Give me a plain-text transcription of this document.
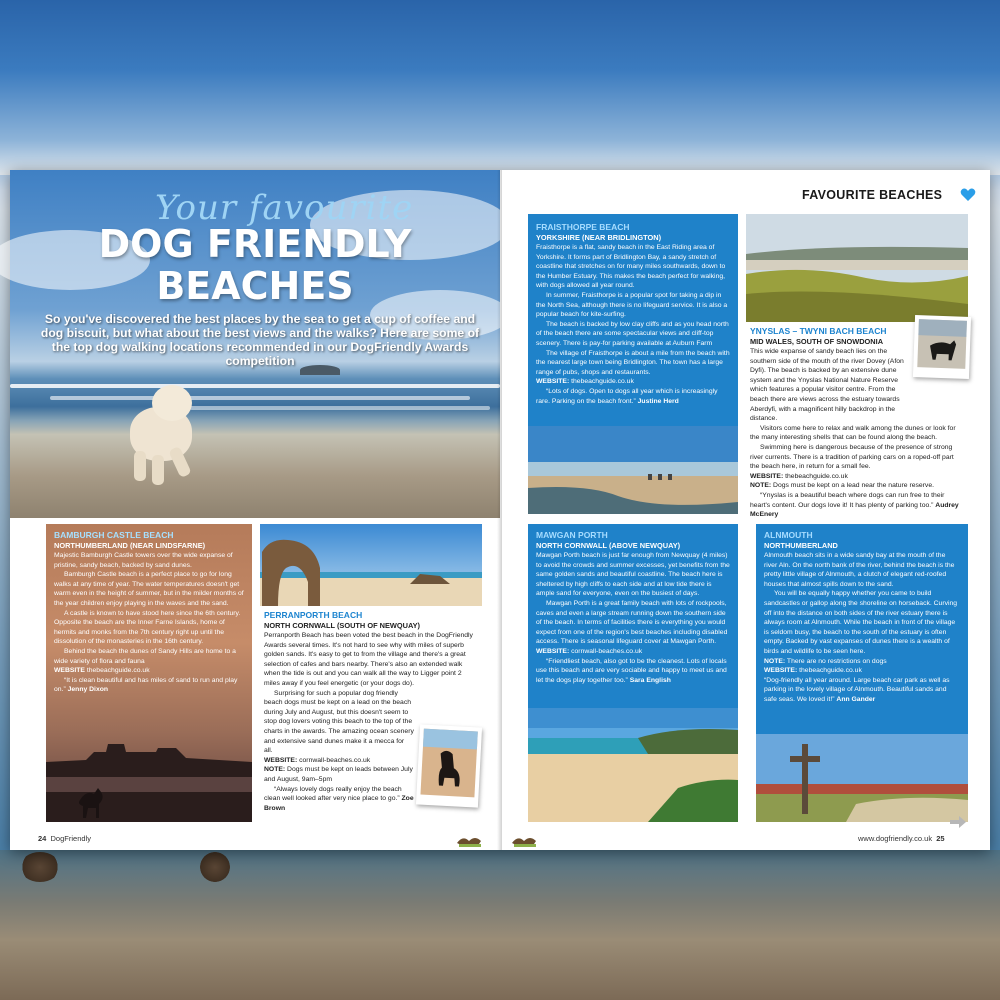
Your favourite
DOG FRIENDLY
BEACHES
So you've discovered the best places by the sea to get a cup of coffee and dog biscuit, but what about the best views and the walks? Here are some of the top dog walking locations recommended in our DogFriendly Awards competition
BAMBURGH CASTLE BEACH
NORTHUMBERLAND (NEAR LINDSFARNE)

Majestic Bamburgh Castle towers over the wide expanse of pristine, sandy beach, backed by sand dunes.

Bamburgh Castle beach is a perfect place to go for long walks at any time of year. The water temperatures doesn't get warm even in the height of summer, but in the milder months of the year children enjoy playing in the waves and the sand.

A castle is known to have stood here since the 6th century. Opposite the beach are the Inner Farne Islands, home of hermits and monks from the 7th century right up until the dissolution of the monasteries in the 16th century.

Behind the beach the dunes of Sandy Hills are home to a wide variety of flora and fauna

WEBSITE thebeachguide.co.uk

“It is clean beautiful and has miles of sand to run and play on.” Jenny Dixon

PERRANPORTH BEACH
NORTH CORNWALL (SOUTH OF NEWQUAY)

Perranporth Beach has been voted the best beach in the DogFriendly Awards several times. It's not hard to see why with miles of superb golden sands. It's easy to get to from the village and there's a great selection of cafes and bars nearby. There's also an extended walk when the tide is out and you can walk all the way to Ligger point 2 miles away if you feel energetic (or your dogs do).

Surprising for such a popular dog friendly beach dogs must be kept on a lead on the beach during July and August, but this doesn't seem to stop dog lovers voting this beach to the top of the charts in the awards. The amazing ocean scenery and extensive sand dunes make it a mecca for all.

WEBSITE: cornwall-beaches.co.uk

NOTE: Dogs must be kept on leads between July and August, 9am–5pm

“Always lovely dogs really enjoy the beach clean well looked after very nice place to go.” Zoe Brown

24 DogFriendly
FAVOURITE BEACHES
FRAISTHORPE BEACH
YORKSHIRE (NEAR BRIDLINGTON)

Fraisthorpe is a flat, sandy beach in the East Riding area of Yorkshire. It forms part of Bridlington Bay, a sandy stretch of coastline that stretches on for many miles southwards, down to the Humber Estuary. This makes the beach perfect for walking, with dogs allowed all year round.

In summer, Fraisthorpe is a popular spot for taking a dip in the North Sea, although there is no lifeguard service. It is also a popular beach for kite-surfing.

The beach is backed by low clay cliffs and as you head north of the beach there are some spectacular views and cliff-top scenery. There is pay-for parking available at Auburn Farm

The village of Fraisthorpe is about a mile from the beach with the nearest large town being Bridlington. The town has a large range of pubs, shops and restaurants.

WEBSITE: thebeachguide.co.uk

“Lots of dogs. Open to dogs all year which is increasingly rare. Parking on the beach front.” Justine Herd

YNYSLAS – TWYNI BACH BEACH
MID WALES, SOUTH OF SNOWDONIA

This wide expanse of sandy beach lies on the southern side of the mouth of the river Dovey (Afon Dyfi). The beach is backed by an extensive dune system and the Ynyslas National Nature Reserve which features a popular visitor centre. From the beach there are views across the estuary towards Aberdyfi, with a magnificent hilly backdrop in the distance.

Visitors come here to relax and walk among the dunes or look for the many interesting shells that can be found along the beach.

Swimming here is dangerous because of the presence of strong river currents. There is a tradition of parking cars on a roped-off part the beach here, in return for a small fee.

WEBSITE: thebeachguide.co.uk

NOTE: Dogs must be kept on a lead near the nature reserve.

“Ynyslas is a beautiful beach where dogs can run free to their heart's content. Our dogs love it! It has plenty of parking too.” Audrey McEnery

MAWGAN PORTH
NORTH CORNWALL (ABOVE NEWQUAY)

Mawgan Porth beach is just far enough from Newquay (4 miles) to avoid the crowds and summer excesses, yet benefits from the same golden sands and beautiful coastline. The beach here is sheltered by high cliffs to each side and at low tide there is ample sand for everyone, even on the busiest of days.

Mawgan Porth is a great family beach with lots of rockpools, caves and even a large stream running down the southern side of the beach. In terms of facilities there is everything you would expect from one of the region's best beaches including disabled access. There is seasonal lifeguard cover at Mawgan Porth.

WEBSITE: cornwall-beaches.co.uk

“Friendliest beach, also got to be the cleanest. Lots of locals use this beach and are very sociable and happy to meet us and let the dogs play together too.” Sara English

ALNMOUTH
NORTHUMBERLAND

Alnmouth beach sits in a wide sandy bay at the mouth of the river Aln. On the north bank of the river, behind the beach is the pretty little village of Alnmouth, a clutch of elegant red-roofed houses that almost spills down to the sand.

You will be equally happy whether you came to build sandcastles or gallop along the shoreline on horseback. Curving off into the distance on both sides of the river estuary there is always room at Alnmouth. While the beach in front of the village is seldom busy, the beach to the south of the estuary is often empty. Backed by vast expanses of dunes there is a wealth of birds and wildlife to be seen here.

NOTE: There are no restrictions on dogs

WEBSITE: thebeachguide.co.uk

“Dog-friendly all year around. Large beach car park as well as parking in the lovely village of Alnmouth. Beautiful sands and safe seas. We loved it!” Ann Gander

www.dogfriendly.co.uk 25
